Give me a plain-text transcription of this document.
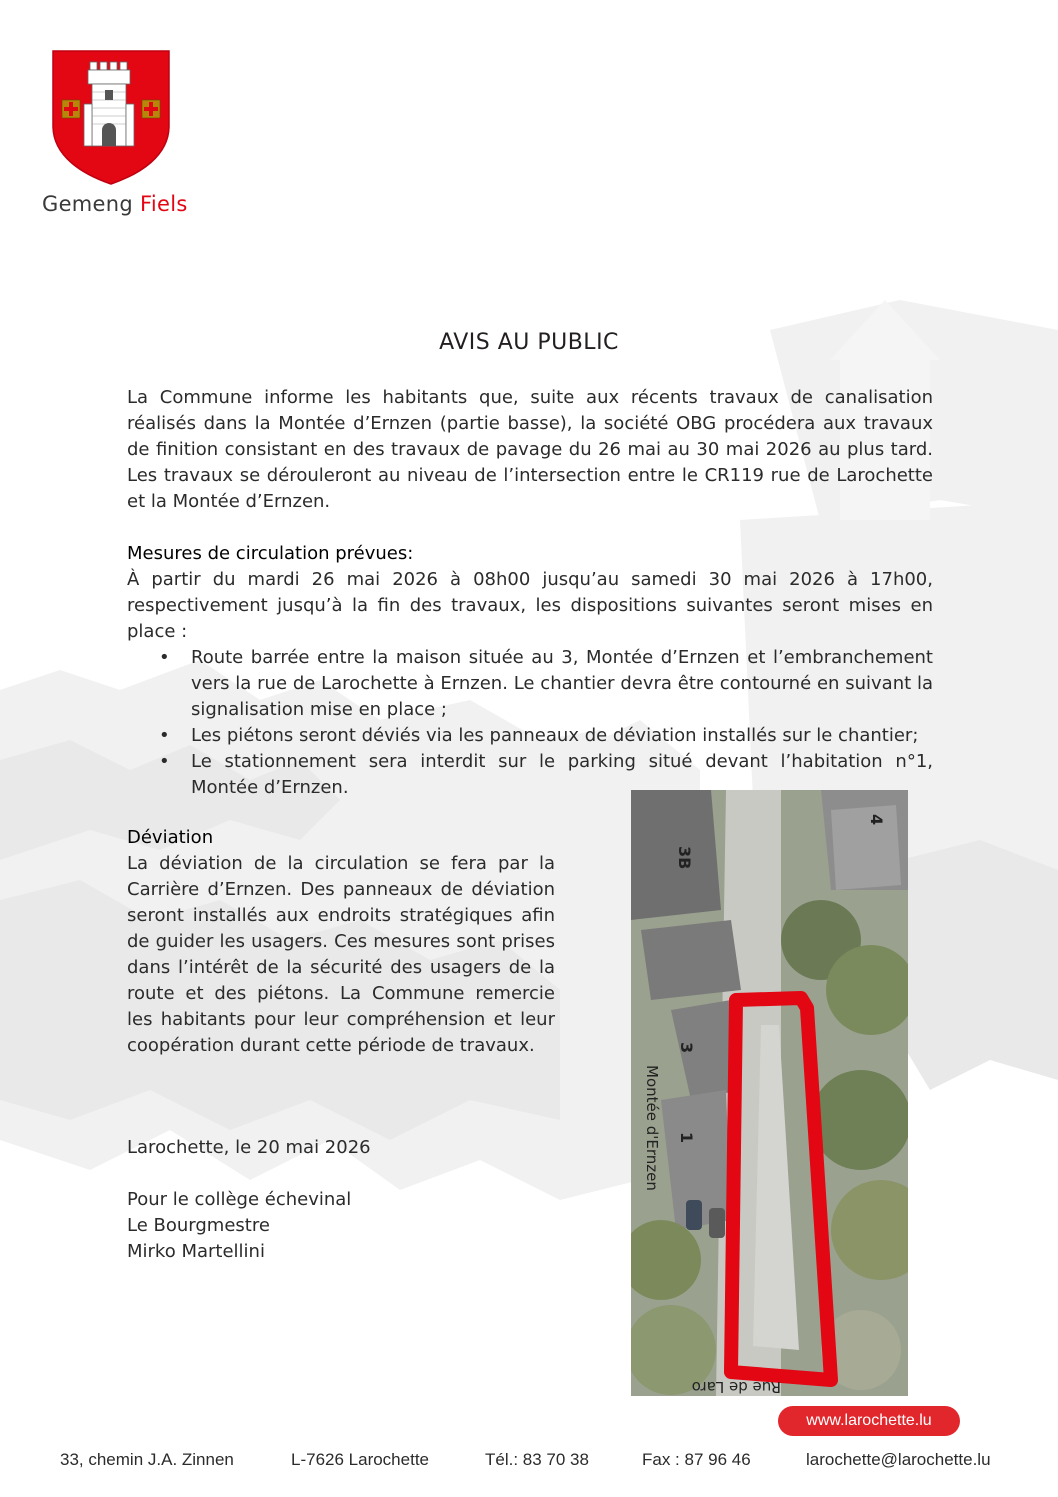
Gemeng Fiels
AVIS AU PUBLIC
La Commune informe les habitants que, suite aux récents travaux de canalisation réalisés dans la Montée d’Ernzen (partie basse), la société OBG procédera aux travaux de finition consistant en des travaux de pavage du 26 mai au 30 mai 2026 au plus tard. Les travaux se dérouleront au niveau de l’intersection entre le CR119 rue de Larochette et la Montée d’Ernzen.
Mesures de circulation prévues:
À partir du mardi 26 mai 2026 à 08h00 jusqu’au samedi 30 mai 2026 à 17h00, respectivement jusqu’à la fin des travaux, les dispositions suivantes seront mises en place :
• Route barrée entre la maison située au 3, Montée d’Ernzen et l’embranchement vers la rue de Larochette à Ernzen. Le chantier devra être contourné en suivant la signalisation mise en place ;
• Les piétons seront déviés via les panneaux de déviation installés sur le chantier;
• Le stationnement sera interdit sur le parking situé devant l’habitation n°1, Montée d’Ernzen.
Déviation
La déviation de la circulation se fera par la Carrière d’Ernzen. Des panneaux de déviation seront installés aux endroits stratégiques afin de guider les usagers. Ces mesures sont prises dans l’intérêt de la sécurité des usagers de la route et des piétons. La Commune remercie les habitants pour leur compréhension et leur coopération durant cette période de travaux.
Larochette, le 20 mai 2026
Pour le collège échevinal
Le Bourgmestre
Mirko Martellini
4
3B
3
1
Montée d'Ernzen
Rue de Laro
www.larochette.lu
33, chemin J.A. Zinnen	L-7626 Larochette	Tél.: 83 70 38	Fax : 87 96 46	larochette@larochette.lu
